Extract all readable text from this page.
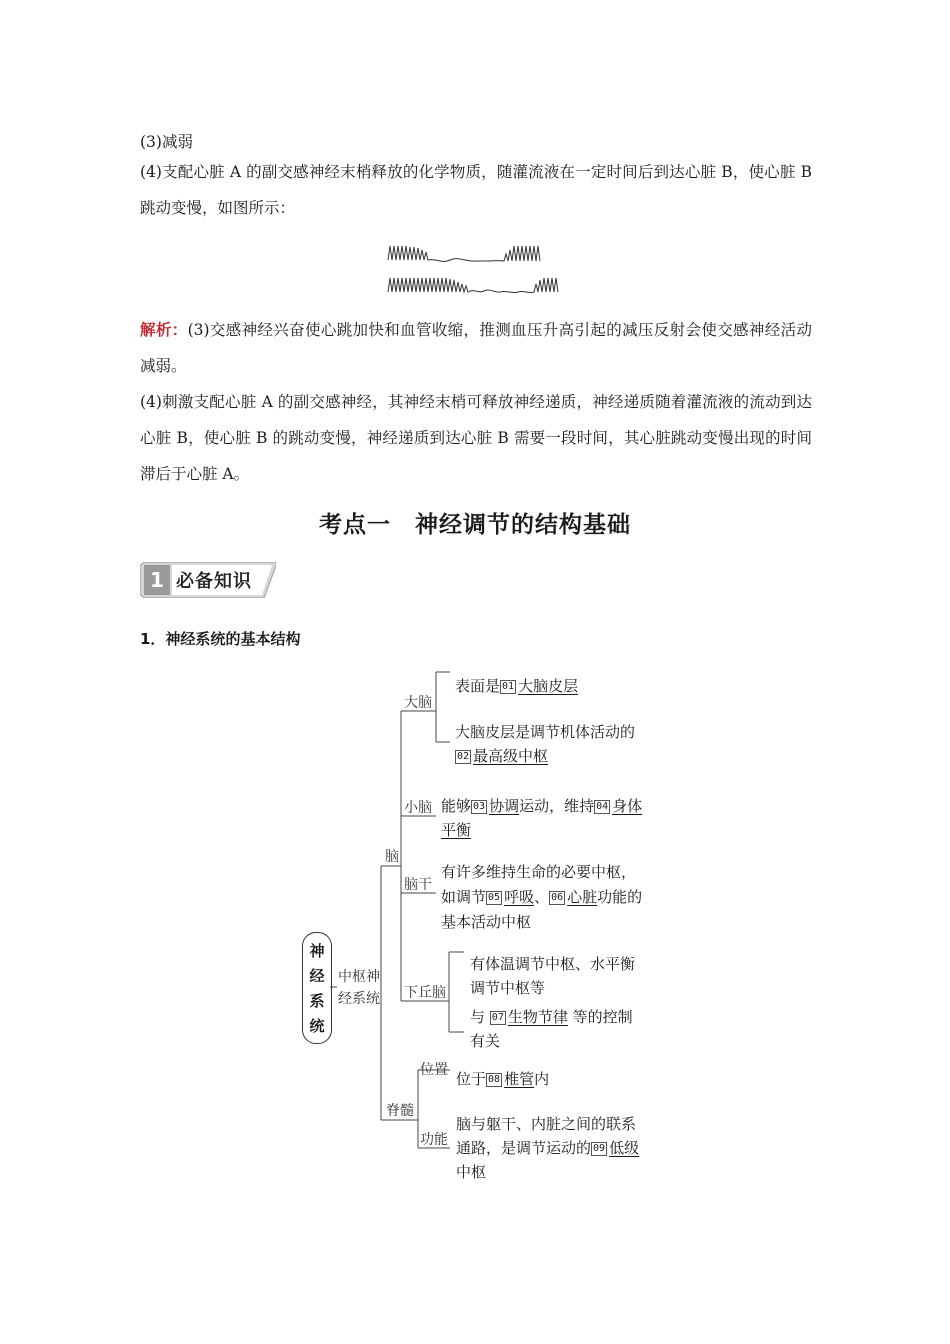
(3)减弱
(4)支配心脏 A 的副交感神经末梢释放的化学物质，随灌流液在一定时间后到达心脏 B，使心脏 B 跳动变慢，如图所示：
解析：(3)交感神经兴奋使心跳加快和血管收缩，推测血压升高引起的减压反射会使交感神经活动减弱。
(4)刺激支配心脏 A 的副交感神经，其神经末梢可释放神经递质，神经递质随着灌流液的流动到达心脏 B，使心脏 B 的跳动变慢，神经递质到达心脏 B 需要一段时间，其心脏跳动变慢出现的时间滞后于心脏 A。
考点一　神经调节的结构基础
1 必备知识
1．神经系统的基本结构
神
经
系
统
中枢神
经系统
脑
大脑
小脑
脑干
下丘脑
脊髓
位置
功能
表面是 01 大脑皮层
大脑皮层是调节机体活动的
02 最高级中枢
能够 03 协调运动，维持 04 身体
平衡
有许多维持生命的必要中枢，
如调节 05 呼吸、 06 心脏功能的
基本活动中枢
有体温调节中枢、水平衡
调节中枢等
与 07 生物节律 等的控制
有关
位于 08 椎管内
脑与躯干、内脏之间的联系
通路，是调节运动的 09 低级
中枢
